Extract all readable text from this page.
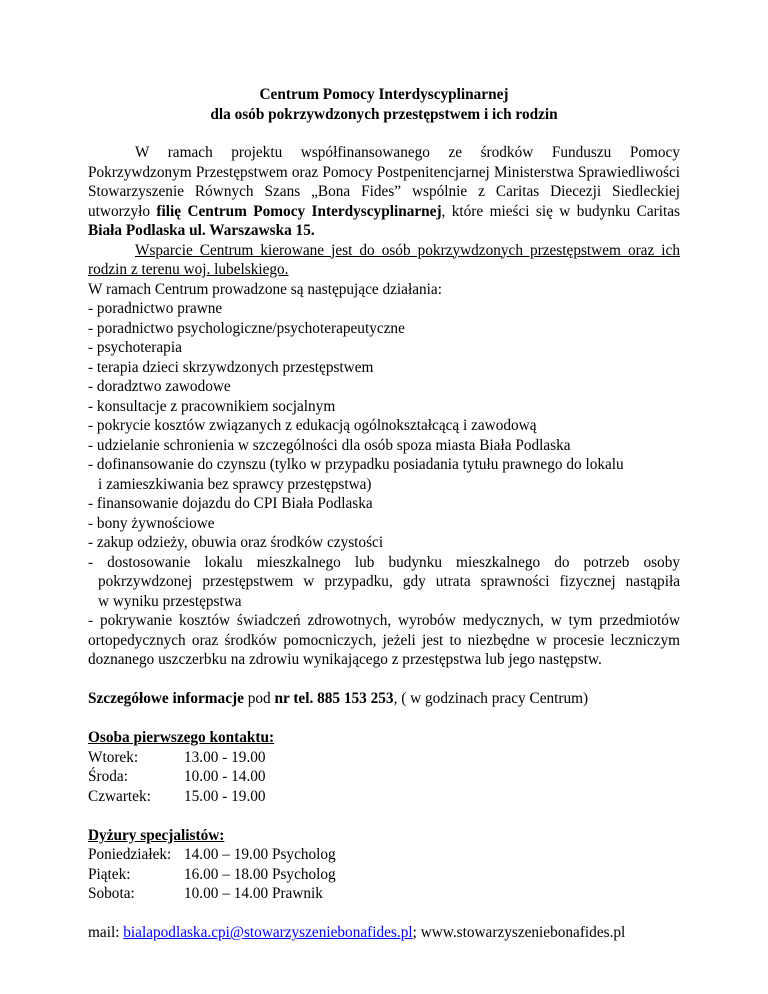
Centrum Pomocy Interdyscyplinarnej
dla osób pokrzywdzonych przestępstwem i ich rodzin

W ramach projektu współfinansowanego ze środków Funduszu Pomocy Pokrzywdzonym Przestępstwem oraz Pomocy Postpenitencjarnej Ministerstwa Sprawiedliwości Stowarzyszenie Równych Szans „Bona Fides” wspólnie z Caritas Diecezji Siedleckiej utworzyło filię Centrum Pomocy Interdyscyplinarnej, które mieści się w budynku Caritas Biała Podlaska ul. Warszawska 15.

Wsparcie Centrum kierowane jest do osób pokrzywdzonych przestępstwem oraz ich rodzin z terenu woj. lubelskiego.

W ramach Centrum prowadzone są następujące działania:

- poradnictwo prawne
- poradnictwo psychologiczne/psychoterapeutyczne
- psychoterapia
- terapia dzieci skrzywdzonych przestępstwem
- doradztwo zawodowe
- konsultacje z pracownikiem socjalnym
- pokrycie kosztów związanych z edukacją ogólnokształcącą i zawodową
- udzielanie schronienia w szczególności dla osób spoza miasta Biała Podlaska
- dofinansowanie do czynszu (tylko w przypadku posiadania tytułu prawnego do lokalu
i zamieszkiwania bez sprawcy przestępstwa)
- finansowanie dojazdu do CPI Biała Podlaska
- bony żywnościowe
- zakup odzieży, obuwia oraz środków czystości
- dostosowanie lokalu mieszkalnego lub budynku mieszkalnego do potrzeb osoby
pokrzywdzonej przestępstwem w przypadku, gdy utrata sprawności fizycznej nastąpiła
w wyniku przestępstwa
- pokrywanie kosztów świadczeń zdrowotnych, wyrobów medycznych, w tym przedmiotów ortopedycznych oraz środków pomocniczych, jeżeli jest to niezbędne w procesie leczniczym doznanego uszczerbku na zdrowiu wynikającego z przestępstwa lub jego następstw.

Szczegółowe informacje pod nr tel. 885 153 253, ( w godzinach pracy Centrum)

Osoba pierwszego kontaktu:
Wtorek:	13.00 - 19.00
Środa:	10.00 - 14.00
Czwartek:	15.00 - 19.00
Dyżury specjalistów:
Poniedziałek: 14.00 – 19.00 Psycholog
Piątek:	16.00 – 18.00 Psycholog
Sobota:	10.00 – 14.00 Prawnik

mail: bialapodlaska.cpi@stowarzyszeniebonafides.pl; www.stowarzyszeniebonafides.pl
